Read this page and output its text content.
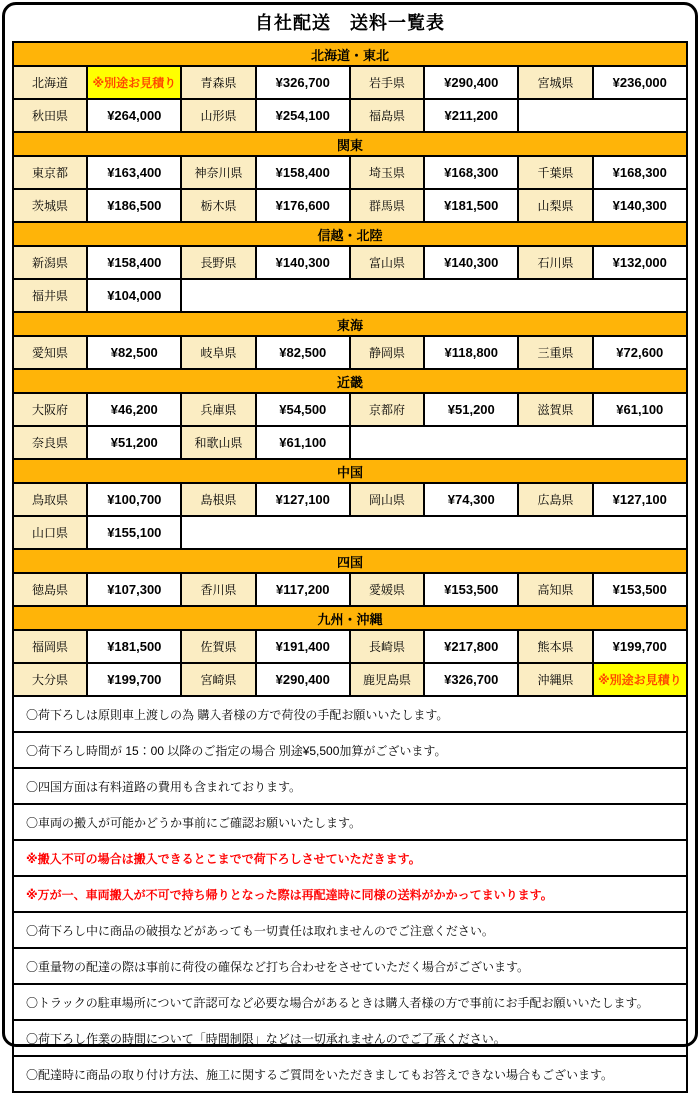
自社配送　送料一覧表
北海道・東北							
北海道	※別途お見積り	青森県	¥326,700	岩手県	¥290,400	宮城県	¥236,000
秋田県	¥264,000	山形県	¥254,100	福島県	¥211,200		
関東							
東京都	¥163,400	神奈川県	¥158,400	埼玉県	¥168,300	千葉県	¥168,300
茨城県	¥186,500	栃木県	¥176,600	群馬県	¥181,500	山梨県	¥140,300
信越・北陸							
新潟県	¥158,400	長野県	¥140,300	富山県	¥140,300	石川県	¥132,000
福井県	¥104,000						
東海							
愛知県	¥82,500	岐阜県	¥82,500	静岡県	¥118,800	三重県	¥72,600
近畿							
大阪府	¥46,200	兵庫県	¥54,500	京都府	¥51,200	滋賀県	¥61,100
奈良県	¥51,200	和歌山県	¥61,100				
中国							
鳥取県	¥100,700	島根県	¥127,100	岡山県	¥74,300	広島県	¥127,100
山口県	¥155,100						
四国							
徳島県	¥107,300	香川県	¥117,200	愛媛県	¥153,500	高知県	¥153,500
九州・沖縄							
福岡県	¥181,500	佐賀県	¥191,400	長崎県	¥217,800	熊本県	¥199,700
大分県	¥199,700	宮崎県	¥290,400	鹿児島県	¥326,700	沖縄県	※別途お見積り
〇荷下ろしは原則車上渡しの為 購入者様の方で荷役の手配お願いいたします。
〇荷下ろし時間が 15：00 以降のご指定の場合 別途¥5,500加算がございます。
〇四国方面は有料道路の費用も含まれております。
〇車両の搬入が可能かどうか事前にご確認お願いいたします。
※搬入不可の場合は搬入できるとこまでで荷下ろしさせていただきます。
※万が一、車両搬入が不可で持ち帰りとなった際は再配達時に同様の送料がかかってまいります。
〇荷下ろし中に商品の破損などがあっても一切責任は取れませんのでご注意ください。
〇重量物の配達の際は事前に荷役の確保など打ち合わせをさせていただく場合がございます。
〇トラックの駐車場所について許認可など必要な場合があるときは購入者様の方で事前にお手配お願いいたします。
〇荷下ろし作業の時間について「時間制限」などは一切承れませんのでご了承ください。
〇配達時に商品の取り付け方法、施工に関するご質問をいただきましてもお答えできない場合もございます。
